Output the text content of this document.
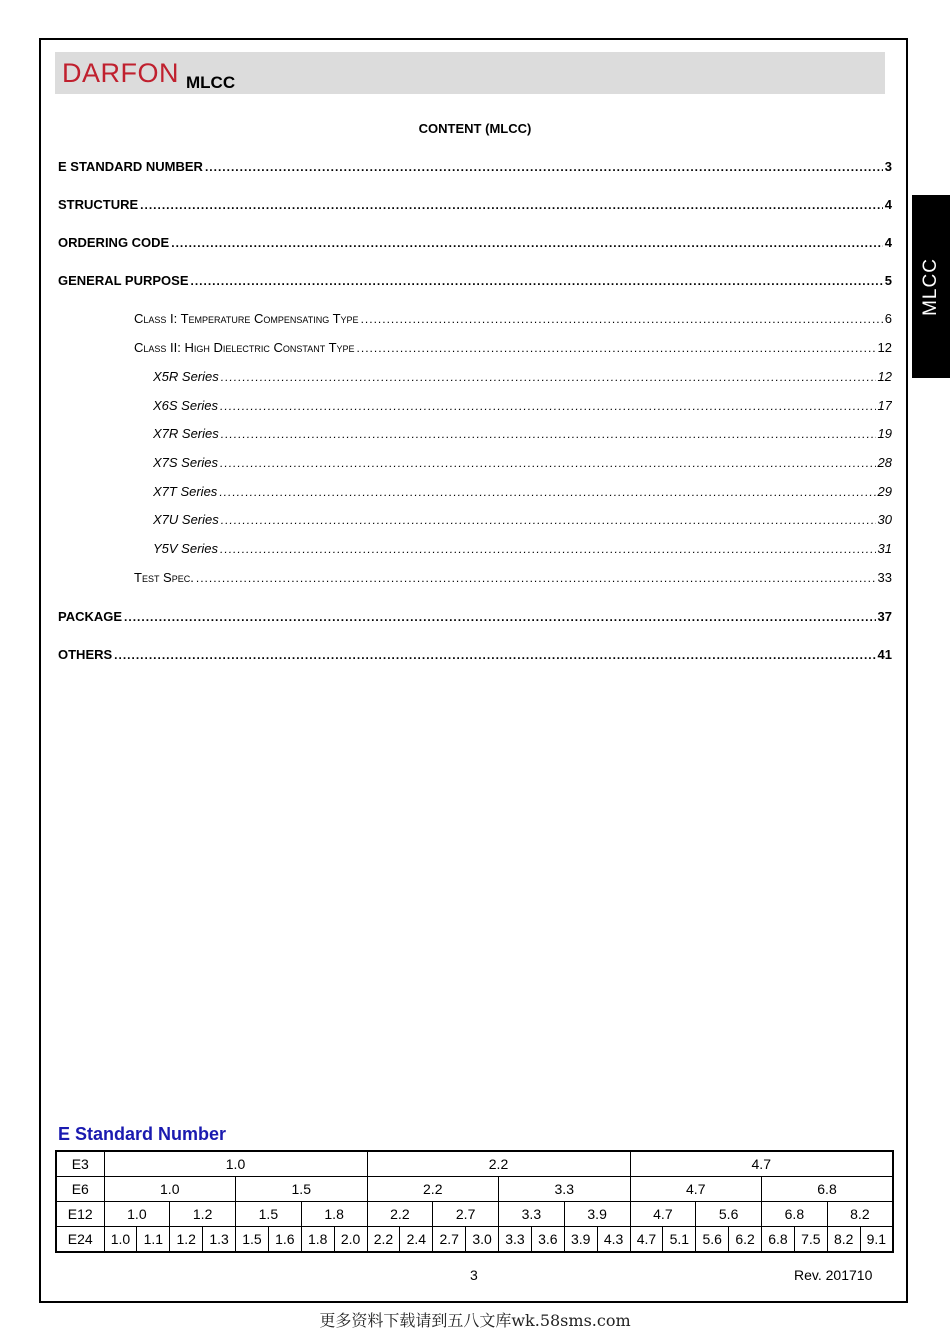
DARFON MLCC
MLCC
CONTENT (MLCC)
E STANDARD NUMBER .....	3
STRUCTURE .....	4
ORDERING CODE .....	4
GENERAL PURPOSE .....	5
Class I: Temperature Compensating Type .....	6
Class II: High Dielectric Constant Type .....	12
X5R Series .....	12
X6S Series .....	17
X7R Series .....	19
X7S Series .....	28
X7T Series .....	29
X7U Series .....	30
Y5V Series .....	31
Test Spec. .....	33
PACKAGE .....	37
OTHERS .....	41
E Standard Number
E3	1.0								2.2								4.7							
E6	1.0				1.5				2.2				3.3				4.7				6.8			
E12	1.0		1.2		1.5		1.8		2.2		2.7		3.3		3.9		4.7		5.6		6.8		8.2	
E24	1.0	1.1	1.2	1.3	1.5	1.6	1.8	2.0	2.2	2.4	2.7	3.0	3.3	3.6	3.9	4.3	4.7	5.1	5.6	6.2	6.8	7.5	8.2	9.1
3	Rev. 201710
更多资料下载请到五八文库wk.58sms.com
